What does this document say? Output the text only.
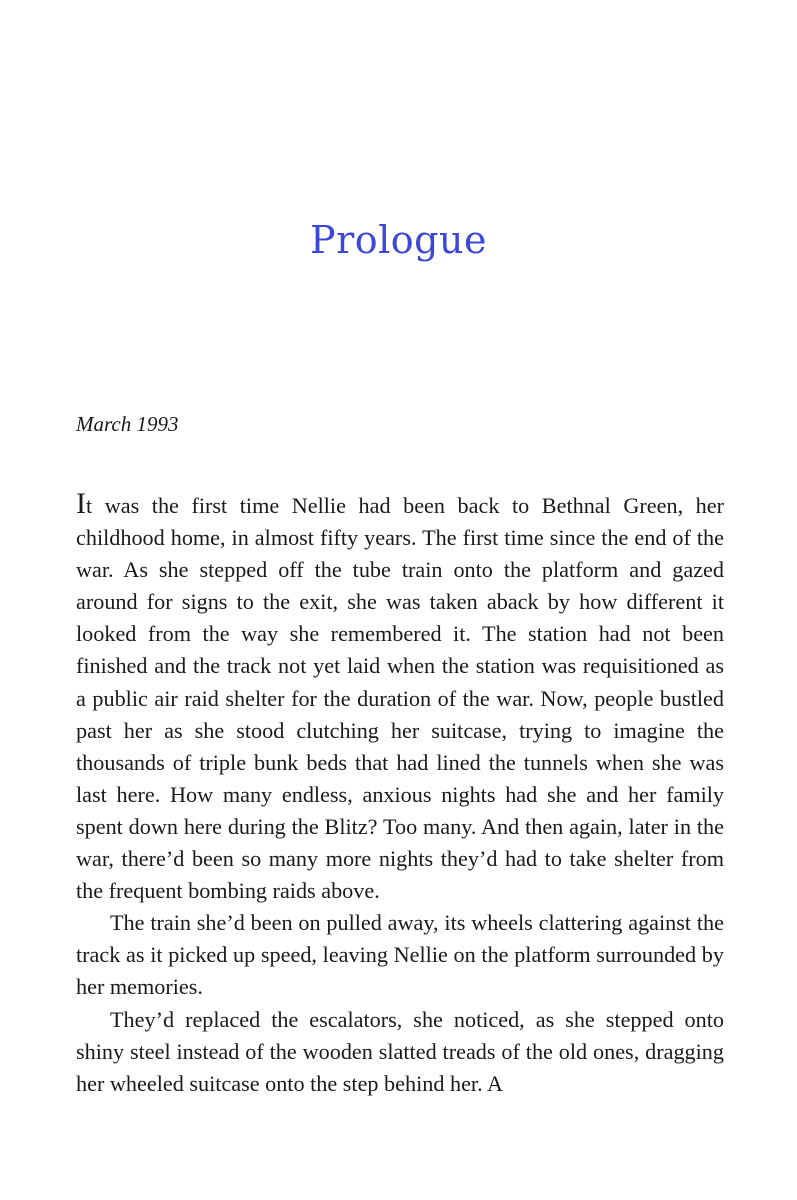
Prologue
March 1993

It was the first time Nellie had been back to Bethnal Green, her childhood home, in almost fifty years. The first time since the end of the war. As she stepped off the tube train onto the platform and gazed around for signs to the exit, she was taken aback by how different it looked from the way she remembered it. The station had not been finished and the track not yet laid when the station was requisitioned as a public air raid shelter for the duration of the war. Now, people bustled past her as she stood clutching her suitcase, trying to imagine the thousands of triple bunk beds that had lined the tunnels when she was last here. How many endless, anxious nights had she and her family spent down here during the Blitz? Too many. And then again, later in the war, there’d been so many more nights they’d had to take shelter from the frequent bombing raids above.

The train she’d been on pulled away, its wheels clattering against the track as it picked up speed, leaving Nellie on the platform surrounded by her memories.

They’d replaced the escalators, she noticed, as she stepped onto shiny steel instead of the wooden slatted treads of the old ones, dragging her wheeled suitcase onto the step behind her. A
